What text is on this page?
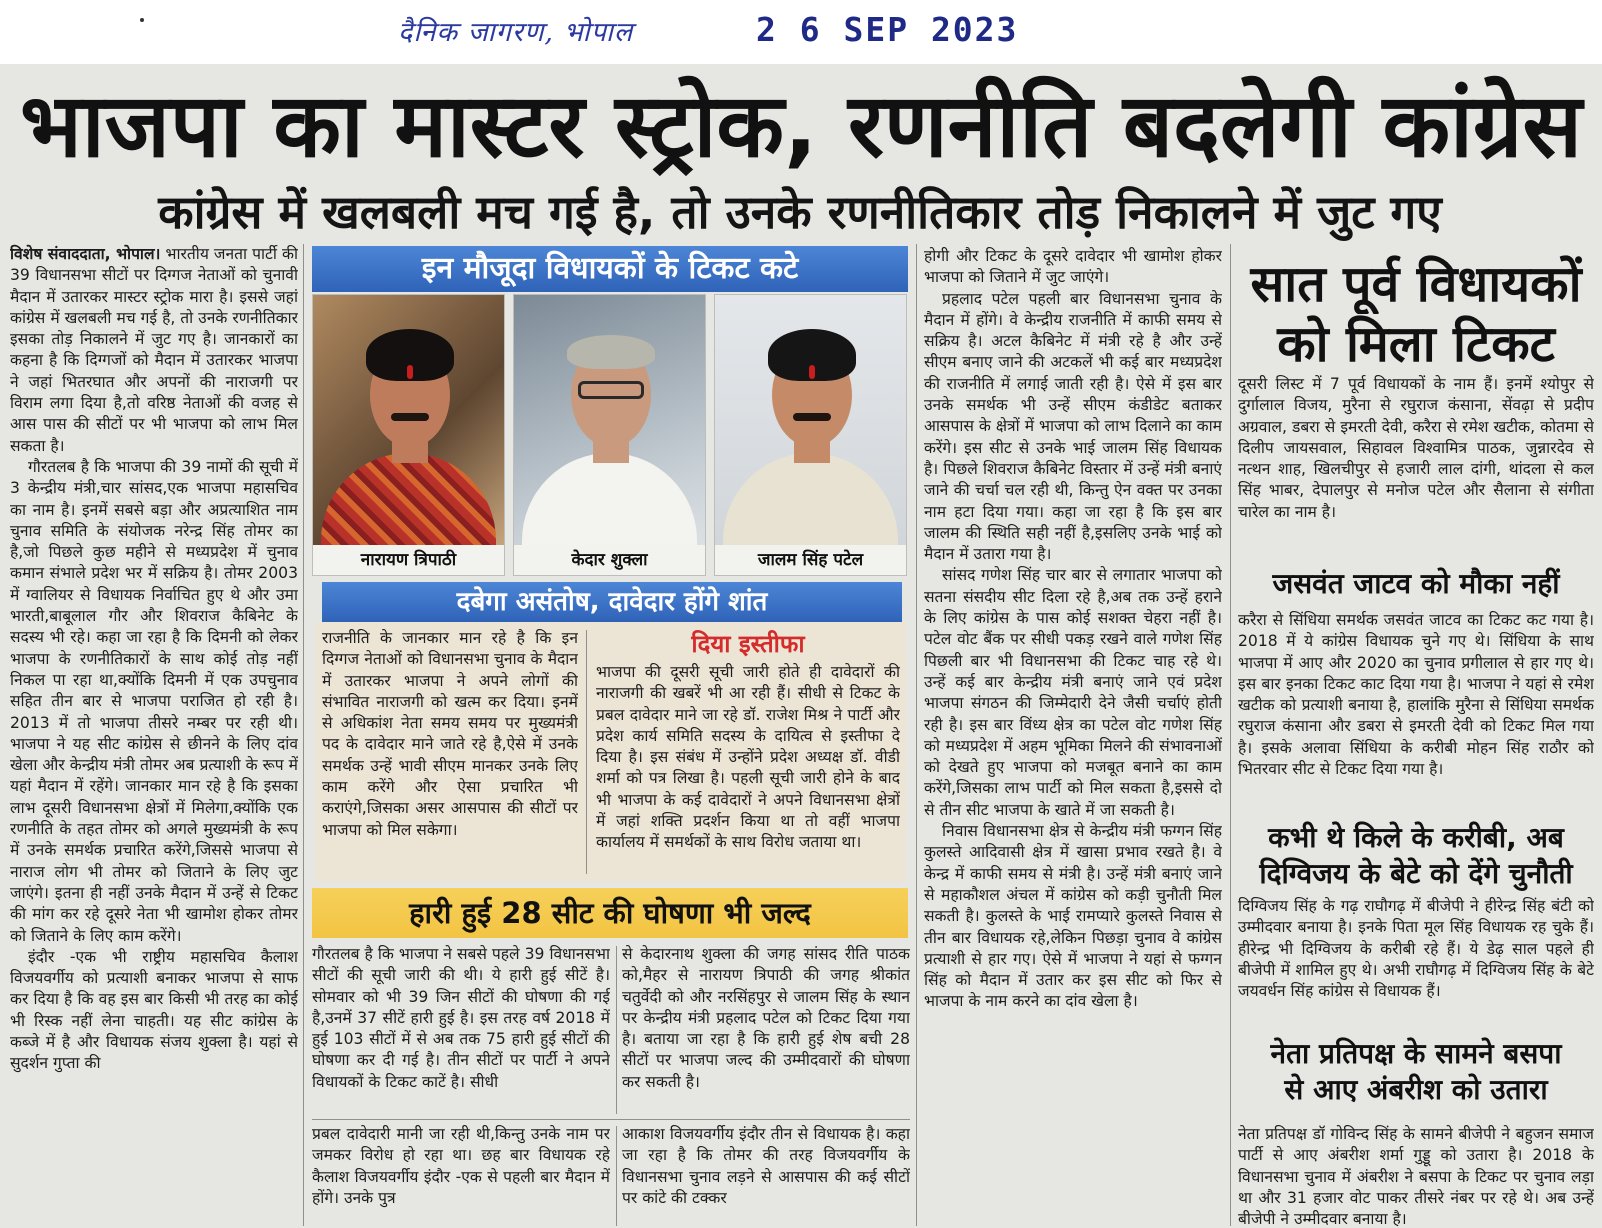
दैनिक जागरण, भोपाल	2 6 SEP 2023
भाजपा का मास्टर स्ट्रोक, रणनीति बदलेगी कांग्रेस
कांग्रेस में खलबली मच गई है, तो उनके रणनीतिकार तोड़ निकालने में जुट गए

विशेष संवाददाता, भोपाल। भारतीय जनता पार्टी की 39 विधानसभा सीटों पर दिग्गज नेताओं को चुनावी मैदान में उतारकर मास्टर स्ट्रोक मारा है। इससे जहां कांग्रेस में खलबली मच गई है, तो उनके रणनीतिकार इसका तोड़ निकालने में जुट गए है। जानकारों का कहना है कि दिग्गजों को मैदान में उतारकर भाजपा ने जहां भितरघात और अपनों की नाराजगी पर विराम लगा दिया है,तो वरिष्ठ नेताओं की वजह से आस पास की सीटों पर भी भाजपा को लाभ मिल सकता है।

गौरतलब है कि भाजपा की 39 नामों की सूची में 3 केन्द्रीय मंत्री,चार सांसद,एक भाजपा महासचिव का नाम है। इनमें सबसे बड़ा और अप्रत्याशित नाम चुनाव समिति के संयोजक नरेन्द्र सिंह तोमर का है,जो पिछले कुछ महीने से मध्यप्रदेश में चुनाव कमान संभाले प्रदेश भर में सक्रिय है। तोमर 2003 में ग्वालियर से विधायक निर्वाचित हुए थे और उमा भारती,बाबूलाल गौर और शिवराज कैबिनेट के सदस्य भी रहे। कहा जा रहा है कि दिमनी को लेकर भाजपा के रणनीतिकारों के साथ कोई तोड़ नहीं निकल पा रहा था,क्योंकि दिमनी में एक उपचुनाव सहित तीन बार से भाजपा पराजित हो रही है। 2013 में तो भाजपा तीसरे नम्बर पर रही थी। भाजपा ने यह सीट कांग्रेस से छीनने के लिए दांव खेला और केन्द्रीय मंत्री तोमर अब प्रत्याशी के रूप में यहां मैदान में रहेंगे। जानकार मान रहे है कि इसका लाभ दूसरी विधानसभा क्षेत्रों में मिलेगा,क्योंकि एक रणनीति के तहत तोमर को अगले मुख्यमंत्री के रूप में उनके समर्थक प्रचारित करेंगे,जिससे भाजपा से नाराज लोग भी तोमर को जिताने के लिए जुट जाएंगे। इतना ही नहीं उनके मैदान में उन्हें से टिकट की मांग कर रहे दूसरे नेता भी खामोश होकर तोमर को जिताने के लिए काम करेंगे।

इंदौर -एक भी राष्ट्रीय महासचिव कैलाश विजयवर्गीय को प्रत्याशी बनाकर भाजपा से साफ कर दिया है कि वह इस बार किसी भी तरह का कोई भी रिस्क नहीं लेना चाहती। यह सीट कांग्रेस के कब्जे में है और विधायक संजय शुक्ला है। यहां से सुदर्शन गुप्ता की

इन मौजूदा विधायकों के टिकट कटे
नारायण त्रिपाठी	केदार शुक्ला	जालम सिंह पटेल
दबेगा असंतोष, दावेदार होंगे शांत

राजनीति के जानकार मान रहे है कि इन दिग्गज नेताओं को विधानसभा चुनाव के मैदान में उतारकर भाजपा ने अपने लोगों की संभावित नाराजगी को खत्म कर दिया। इनमें से अधिकांश नेता समय समय पर मुख्यमंत्री पद के दावेदार माने जाते रहे है,ऐसे में उनके समर्थक उन्हें भावी सीएम मानकर उनके लिए काम करेंगे और ऐसा प्रचारित भी कराएंगे,जिसका असर आसपास की सीटों पर भाजपा को मिल सकेगा।

दिया इस्तीफा

भाजपा की दूसरी सूची जारी होते ही दावेदारों की नाराजगी की खबरें भी आ रही हैं। सीधी से टिकट के प्रबल दावेदार माने जा रहे डॉ. राजेश मिश्र ने पार्टी और प्रदेश कार्य समिति सदस्य के दायित्व से इस्तीफा दे दिया है। इस संबंध में उन्होंने प्रदेश अध्यक्ष डॉ. वीडी शर्मा को पत्र लिखा है। पहली सूची जारी होने के बाद भी भाजपा के कई दावेदारों ने अपने विधानसभा क्षेत्रों में जहां शक्ति प्रदर्शन किया था तो वहीं भाजपा कार्यालय में समर्थकों के साथ विरोध जताया था।

हारी हुई 28 सीट की घोषणा भी जल्द

गौरतलब है कि भाजपा ने सबसे पहले 39 विधानसभा सीटों की सूची जारी की थी। ये हारी हुई सीटें है। सोमवार को भी 39 जिन सीटों की घोषणा की गई है,उनमें 37 सीटें हारी हुई है। इस तरह वर्ष 2018 में हुई 103 सीटों में से अब तक 75 हारी हुई सीटों की घोषणा कर दी गई है। तीन सीटों पर पार्टी ने अपने विधायकों के टिकट काटें है। सीधी

से केदारनाथ शुक्ला की जगह सांसद रीति पाठक को,मैहर से नारायण त्रिपाठी की जगह श्रीकांत चतुर्वेदी को और नरसिंहपुर से जालम सिंह के स्थान पर केन्द्रीय मंत्री प्रहलाद पटेल को टिकट दिया गया है। बताया जा रहा है कि हारी हुई शेष बची 28 सीटों पर भाजपा जल्द की उम्मीदवारों की घोषणा कर सकती है।

प्रबल दावेदारी मानी जा रही थी,किन्तु उनके नाम पर जमकर विरोध हो रहा था। छह बार विधायक रहे कैलाश विजयवर्गीय इंदौर -एक से पहली बार मैदान में होंगे। उनके पुत्र

आकाश विजयवर्गीय इंदौर तीन से विधायक है। कहा जा रहा है कि तोमर की तरह विजयवर्गीय के विधानसभा चुनाव लड़ने से आसपास की कई सीटों पर कांटे की टक्कर

होगी और टिकट के दूसरे दावेदार भी खामोश होकर भाजपा को जिताने में जुट जाएंगे।

प्रहलाद पटेल पहली बार विधानसभा चुनाव के मैदान में होंगे। वे केन्द्रीय राजनीति में काफी समय से सक्रिय है। अटल कैबिनेट में मंत्री रहे है और उन्हें सीएम बनाए जाने की अटकलें भी कई बार मध्यप्रदेश की राजनीति में लगाई जाती रही है। ऐसे में इस बार उनके समर्थक भी उन्हें सीएम कंडीडेट बताकर आसपास के क्षेत्रों में भाजपा को लाभ दिलाने का काम करेंगे। इस सीट से उनके भाई जालम सिंह विधायक है। पिछले शिवराज कैबिनेट विस्तार में उन्हें मंत्री बनाएं जाने की चर्चा चल रही थी, किन्तु ऐन वक्त पर उनका नाम हटा दिया गया। कहा जा रहा है कि इस बार जालम की स्थिति सही नहीं है,इसलिए उनके भाई को मैदान में उतारा गया है।

सांसद गणेश सिंह चार बार से लगातार भाजपा को सतना संसदीय सीट दिला रहे है,अब तक उन्हें हराने के लिए कांग्रेस के पास कोई सशक्त चेहरा नहीं है। पटेल वोट बैंक पर सीधी पकड़ रखने वाले गणेश सिंह पिछली बार भी विधानसभा की टिकट चाह रहे थे। उन्हें कई बार केन्द्रीय मंत्री बनाएं जाने एवं प्रदेश भाजपा संगठन की जिम्मेदारी देने जैसी चर्चाएं होती रही है। इस बार विंध्य क्षेत्र का पटेल वोट गणेश सिंह को मध्यप्रदेश में अहम भूमिका मिलने की संभावनाओं को देखते हुए भाजपा को मजबूत बनाने का काम करेंगे,जिसका लाभ पार्टी को मिल सकता है,इससे दो से तीन सीट भाजपा के खाते में जा सकती है।

निवास विधानसभा क्षेत्र से केन्द्रीय मंत्री फग्गन सिंह कुलस्ते आदिवासी क्षेत्र में खासा प्रभाव रखते है। वे केन्द्र में काफी समय से मंत्री है। उन्हें मंत्री बनाएं जाने से महाकौशल अंचल में कांग्रेस को कड़ी चुनौती मिल सकती है। कुलस्ते के भाई रामप्यारे कुलस्ते निवास से तीन बार विधायक रहे,लेकिन पिछड़ा चुनाव वे कांग्रेस प्रत्याशी से हार गए। ऐसे में भाजपा ने यहां से फग्गन सिंह को मैदान में उतार कर इस सीट को फिर से भाजपा के नाम करने का दांव खेला है।

सात पूर्व विधायकों
को मिला टिकट

दूसरी लिस्ट में 7 पूर्व विधायकों के नाम हैं। इनमें श्योपुर से दुर्गालाल विजय, मुरैना से रघुराज कंसाना, सेंवढ़ा से प्रदीप अग्रवाल, डबरा से इमरती देवी, करैरा से रमेश खटीक, कोतमा से दिलीप जायसवाल, सिहावल विश्वामित्र पाठक, जुन्नारदेव से नत्थन शाह, खिलचीपुर से हजारी लाल दांगी, थांदला से कल सिंह भाबर, देपालपुर से मनोज पटेल और सैलाना से संगीता चारेल का नाम है।

जसवंत जाटव को मौका नहीं

करैरा से सिंधिया समर्थक जसवंत जाटव का टिकट कट गया है। 2018 में ये कांग्रेस विधायक चुने गए थे। सिंधिया के साथ भाजपा में आए और 2020 का चुनाव प्रगीलाल से हार गए थे। इस बार इनका टिकट काट दिया गया है। भाजपा ने यहां से रमेश खटीक को प्रत्याशी बनाया है, हालांकि मुरैना से सिंधिया समर्थक रघुराज कंसाना और डबरा से इमरती देवी को टिकट मिल गया है। इसके अलावा सिंधिया के करीबी मोहन सिंह राठौर को भितरवार सीट से टिकट दिया गया है।

कभी थे किले के करीबी, अब
दिग्विजय के बेटे को देंगे चुनौती

दिग्विजय सिंह के गढ़ राघौगढ़ में बीजेपी ने हीरेन्द्र सिंह बंटी को उम्मीदवार बनाया है। इनके पिता मूल सिंह विधायक रह चुके हैं। हीरेन्द्र भी दिग्विजय के करीबी रहे हैं। ये डेढ़ साल पहले ही बीजेपी में शामिल हुए थे। अभी राघौगढ़ में दिग्विजय सिंह के बेटे जयवर्धन सिंह कांग्रेस से विधायक हैं।

नेता प्रतिपक्ष के सामने बसपा
से आए अंबरीश को उतारा

नेता प्रतिपक्ष डॉ गोविन्द सिंह के सामने बीजेपी ने बहुजन समाज पार्टी से आए अंबरीश शर्मा गुड्डू को उतारा है। 2018 के विधानसभा चुनाव में अंबरीश ने बसपा के टिकट पर चुनाव लड़ा था और 31 हजार वोट पाकर तीसरे नंबर पर रहे थे। अब उन्हें बीजेपी ने उम्मीदवार बनाया है।
